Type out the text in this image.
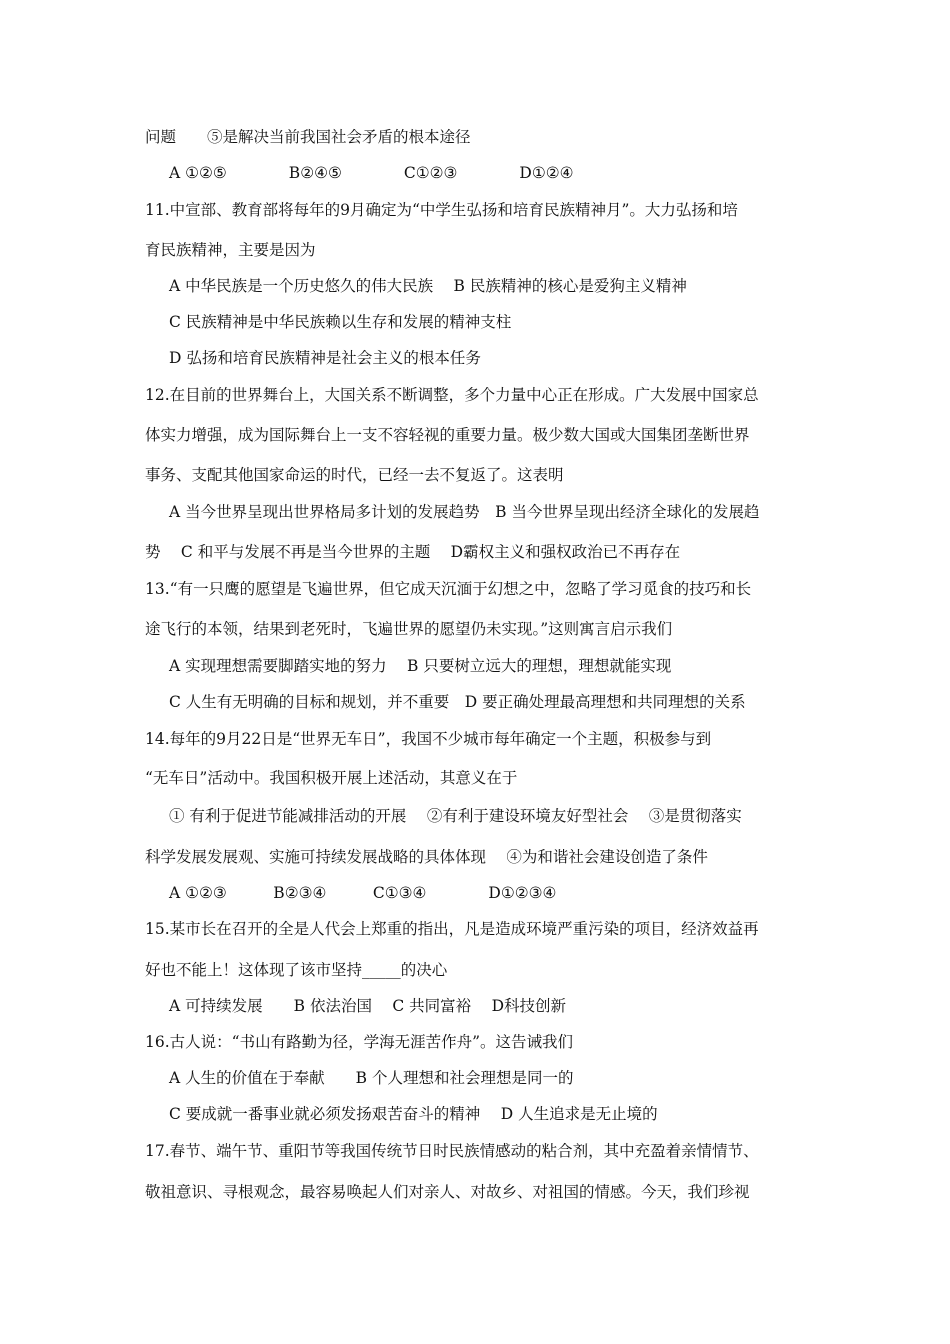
问题　　⑤是解决当前我国社会矛盾的根本途径
A ①②⑤　　　　B②④⑤　　　　C①②③　　　　D①②④
11.中宣部、教育部将每年的9月确定为“中学生弘扬和培育民族精神月”。大力弘扬和培
育民族精神，主要是因为
A 中华民族是一个历史悠久的伟大民族　 B 民族精神的核心是爱狗主义精神
C 民族精神是中华民族赖以生存和发展的精神支柱
D 弘扬和培育民族精神是社会主义的根本任务
12.在目前的世界舞台上，大国关系不断调整，多个力量中心正在形成。广大发展中国家总
体实力增强，成为国际舞台上一支不容轻视的重要力量。极少数大国或大国集团垄断世界
事务、支配其他国家命运的时代，已经一去不复返了。这表明
A 当今世界呈现出世界格局多计划的发展趋势　B 当今世界呈现出经济全球化的发展趋
势　 C 和平与发展不再是当今世界的主题　 D霸权主义和强权政治已不再存在
13.“有一只鹰的愿望是飞遍世界，但它成天沉湎于幻想之中，忽略了学习觅食的技巧和长
途飞行的本领，结果到老死时，飞遍世界的愿望仍未实现。”这则寓言启示我们
A 实现理想需要脚踏实地的努力　 B 只要树立远大的理想，理想就能实现
C 人生有无明确的目标和规划，并不重要　D 要正确处理最高理想和共同理想的关系
14.每年的9月22日是“世界无车日”，我国不少城市每年确定一个主题，积极参与到
“无车日”活动中。我国积极开展上述活动，其意义在于
① 有利于促进节能减排活动的开展　 ②有利于建设环境友好型社会　 ③是贯彻落实
科学发展发展观、实施可持续发展战略的具体体现　 ④为和谐社会建设创造了条件
A ①②③　　　B②③④　　　C①③④　　　　D①②③④
15.某市长在召开的全是人代会上郑重的指出，凡是造成环境严重污染的项目，经济效益再
好也不能上！这体现了该市坚持_____的决心
A 可持续发展　　B 依法治国　 C 共同富裕　 D科技创新
16.古人说：“书山有路勤为径，学海无涯苦作舟”。这告诫我们
A 人生的价值在于奉献　　B 个人理想和社会理想是同一的
C 要成就一番事业就必须发扬艰苦奋斗的精神　 D 人生追求是无止境的
17.春节、端午节、重阳节等我国传统节日时民族情感动的粘合剂，其中充盈着亲情情节、
敬祖意识、寻根观念，最容易唤起人们对亲人、对故乡、对祖国的情感。今天，我们珍视
